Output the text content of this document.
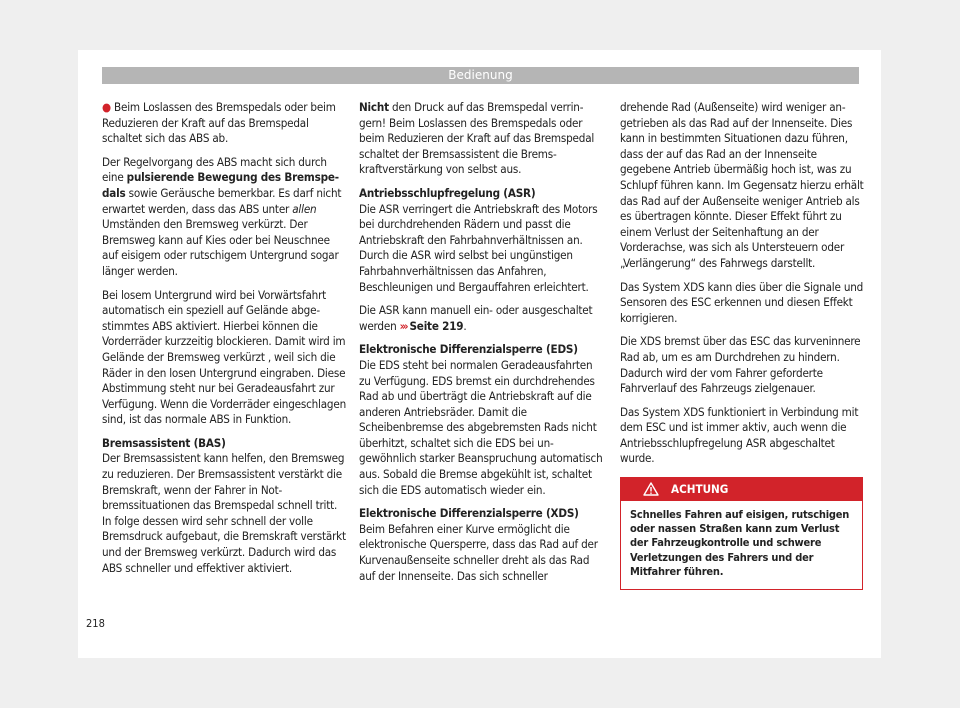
Bedienung

● Beim Loslassen des Bremspedals oder beim Reduzieren der Kraft auf das Bremspedal schaltet sich das ABS ab.

Der Regelvorgang des ABS macht sich durch eine pulsierende Bewegung des Bremspedals sowie Geräusche bemerkbar. Es darf nicht erwartet werden, dass das ABS unter allen Umständen den Bremsweg verkürzt. Der Bremsweg kann auf Kies oder bei Neuschnee auf eisigem oder rutschigem Untergrund sogar länger werden.

Bei losem Untergrund wird bei Vorwärtsfahrt automatisch ein speziell auf Gelände abgestimmtes ABS aktiviert. Hierbei können die Vorderräder kurzzeitig blockieren. Damit wird im Gelände der Bremsweg verkürzt , weil sich die Räder in den losen Untergrund eingraben. Diese Abstimmung steht nur bei Geradeausfahrt zur Verfügung. Wenn die Vorderräder eingeschlagen sind, ist das normale ABS in Funktion.

Bremsassistent (BAS)

Der Bremsassistent kann helfen, den Bremsweg zu reduzieren. Der Bremsassistent verstärkt die Bremskraft, wenn der Fahrer in Notbremssituationen das Bremspedal schnell tritt. In folge dessen wird sehr schnell der volle Bremsdruck aufgebaut, die Bremskraft verstärkt und der Bremsweg verkürzt. Dadurch wird das ABS schneller und effektiver aktiviert.

Nicht den Druck auf das Bremspedal verringern! Beim Loslassen des Bremspedals oder beim Reduzieren der Kraft auf das Bremspedal schaltet der Bremsassistent die Bremskraftverstärkung von selbst aus.

Antriebsschlupfregelung (ASR)

Die ASR verringert die Antriebskraft des Motors bei durchdrehenden Rädern und passt die Antriebskraft den Fahrbahnverhältnissen an. Durch die ASR wird selbst bei ungünstigen Fahrbahnverhältnissen das Anfahren, Beschleunigen und Bergauffahren erleichtert.

Die ASR kann manuell ein- oder ausgeschaltet werden ››› Seite 219.

Elektronische Differenzialsperre (EDS)

Die EDS steht bei normalen Geradeausfahrten zu Verfügung. EDS bremst ein durchdrehendes Rad ab und überträgt die Antriebskraft auf die anderen Antriebsräder. Damit die Scheibenbremse des abgebremsten Rads nicht überhitzt, schaltet sich die EDS bei ungewöhnlich starker Beanspruchung automatisch aus. Sobald die Bremse abgekühlt ist, schaltet sich die EDS automatisch wieder ein.

Elektronische Differenzialsperre (XDS)

Beim Befahren einer Kurve ermöglicht die elektronische Quersperre, dass das Rad auf der Kurvenaußenseite schneller dreht als das Rad auf der Innenseite. Das sich schneller

drehende Rad (Außenseite) wird weniger angetrieben als das Rad auf der Innenseite. Dies kann in bestimmten Situationen dazu führen, dass der auf das Rad an der Innenseite gegebene Antrieb übermäßig hoch ist, was zu Schlupf führen kann. Im Gegensatz hierzu erhält das Rad auf der Außenseite weniger Antrieb als es übertragen könnte. Dieser Effekt führt zu einem Verlust der Seitenhaftung an der Vorderachse, was sich als Untersteuern oder „Verlängerung“ des Fahrwegs darstellt.

Das System XDS kann dies über die Signale und Sensoren des ESC erkennen und diesen Effekt korrigieren.

Die XDS bremst über das ESC das kurveninnere Rad ab, um es am Durchdrehen zu hindern. Dadurch wird der vom Fahrer geforderte Fahrverlauf des Fahrzeugs zielgenauer.

Das System XDS funktioniert in Verbindung mit dem ESC und ist immer aktiv, auch wenn die Antriebsschlupfregelung ASR abgeschaltet wurde.

ACHTUNG
Schnelles Fahren auf eisigen, rutschigen oder nassen Straßen kann zum Verlust der Fahrzeugkontrolle und schwere Verletzungen des Fahrers und der Mitfahrer führen.
218
